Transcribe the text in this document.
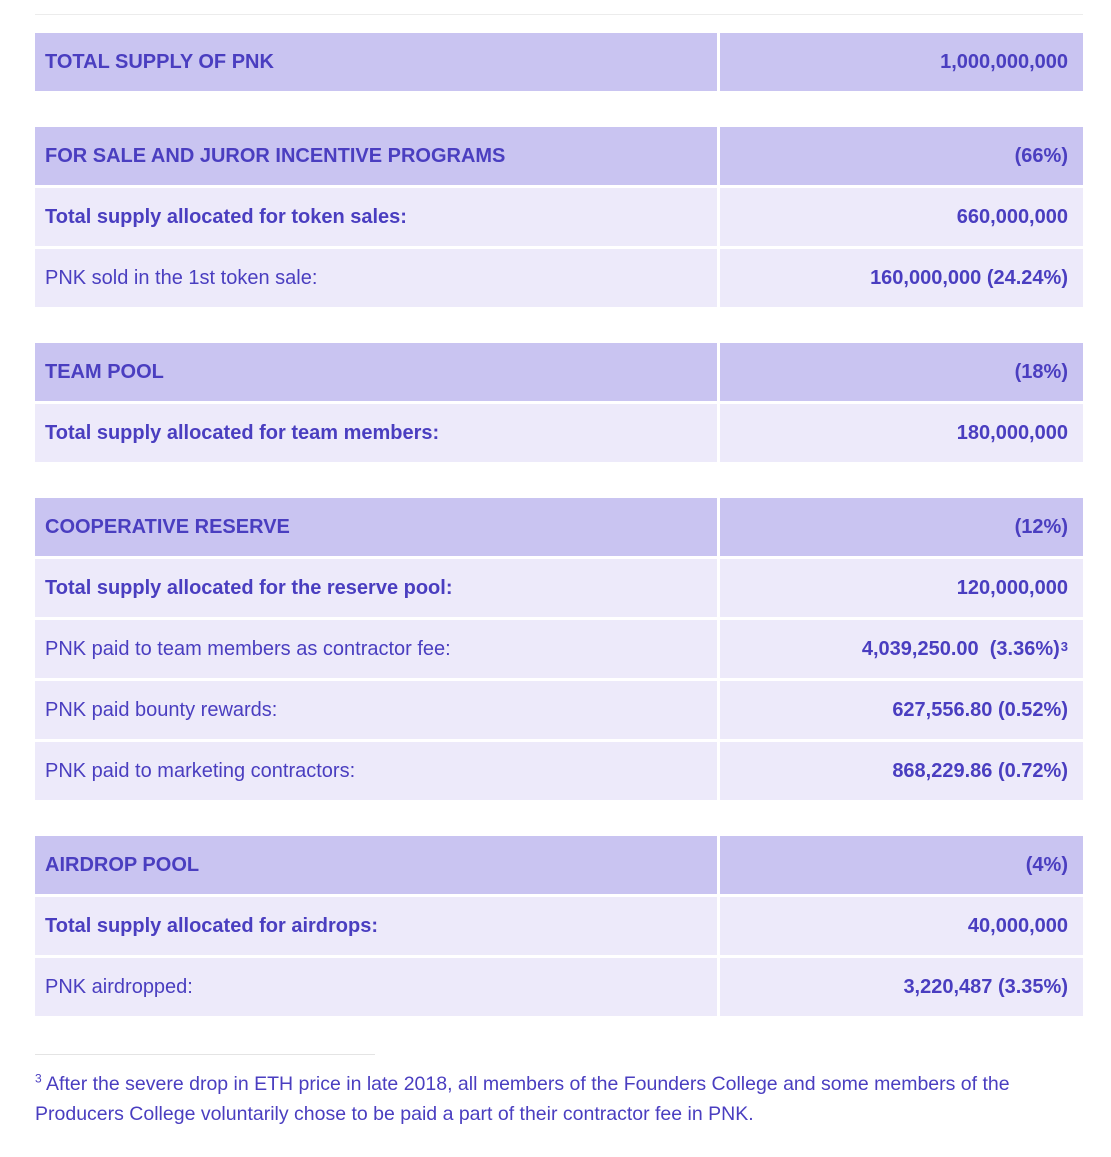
TOTAL SUPPLY OF PNK	1,000,000,000
FOR SALE AND JUROR INCENTIVE PROGRAMS	(66%)
Total supply allocated for token sales:	660,000,000
PNK sold in the 1st token sale:	160,000,000 (24.24%)
TEAM POOL	(18%)
Total supply allocated for team members:	180,000,000
COOPERATIVE RESERVE	(12%)
Total supply allocated for the reserve pool:	120,000,000
PNK paid to team members as contractor fee:	4,039,250.00  $(3.36\%)^3$
PNK paid bounty rewards:	627,556.80 (0.52%)
PNK paid to marketing contractors:	868,229.86 (0.72%)
AIRDROP POOL	(4%)
Total supply allocated for airdrops:	40,000,000
PNK airdropped:	3,220,487 (3.35%)

$^3$ After the severe drop in ETH price in late 2018, all members of the Founders College and some members of the Producers College voluntarily chose to be paid a part of their contractor fee in PNK.
